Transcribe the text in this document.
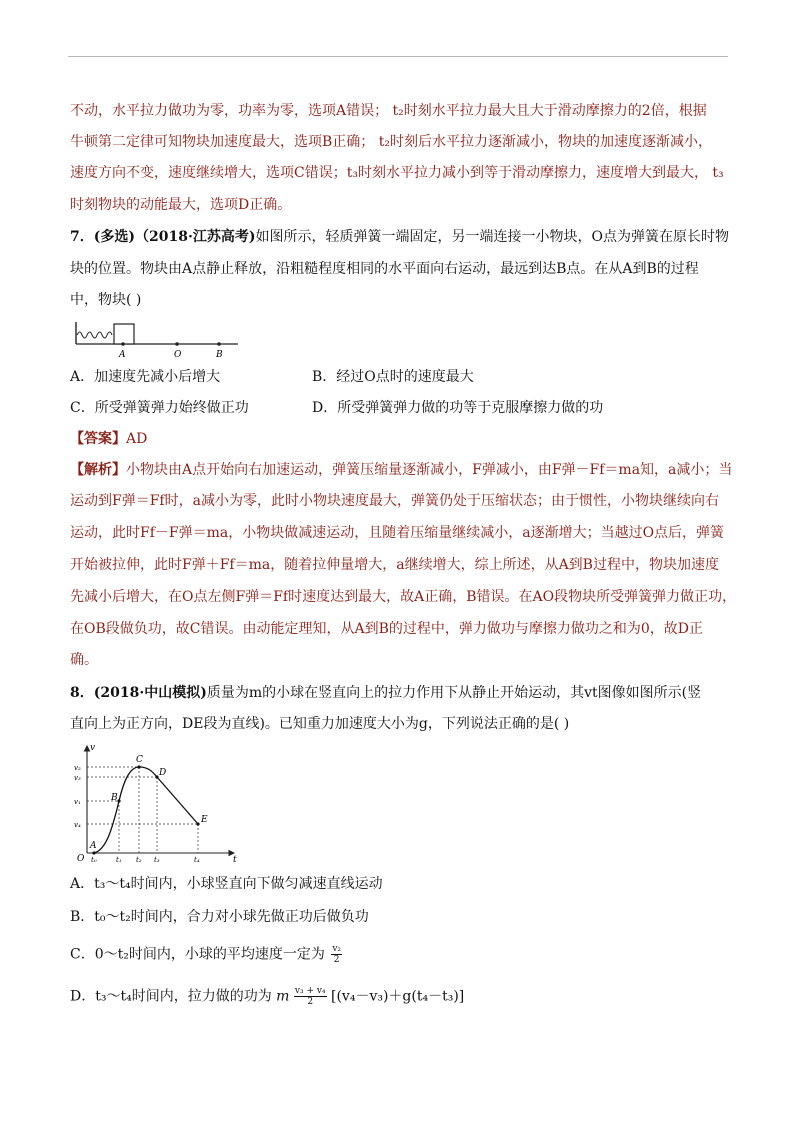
不动，水平拉力做功为零，功率为零，选项A错误； t₂时刻水平拉力最大且大于滑动摩擦力的2倍，根据
牛顿第二定律可知物块加速度最大，选项B正确； t₂时刻后水平拉力逐渐减小，物块的加速度逐渐减小，
速度方向不变，速度继续增大，选项C错误；t₃时刻水平拉力减小到等于滑动摩擦力，速度增大到最大， t₃
时刻物块的动能最大，选项D正确。
7．(多选)（2018·江苏高考)如图所示，轻质弹簧一端固定，另一端连接一小物块，O点为弹簧在原长时物
块的位置。物块由A点静止释放，沿粗糙程度相同的水平面向右运动，最远到达B点。在从A到B的过程
中，物块( )
A	O	B
A．加速度先减小后增大	B．经过O点时的速度最大
C．所受弹簧弹力始终做正功	D．所受弹簧弹力做的功等于克服摩擦力做的功
【答案】AD
【解析】小物块由A点开始向右加速运动，弹簧压缩量逐渐减小，F弹减小，由F弹－Ff＝ma知，a减小；当
运动到F弹＝Ff时，a减小为零，此时小物块速度最大，弹簧仍处于压缩状态；由于惯性，小物块继续向右
运动，此时Ff－F弹＝ma，小物块做减速运动，且随着压缩量继续减小，a逐渐增大；当越过O点后，弹簧
开始被拉伸，此时F弹＋Ff＝ma，随着拉伸量增大，a继续增大，综上所述，从A到B过程中，物块加速度
先减小后增大，在O点左侧F弹＝Ff时速度达到最大，故A正确，B错误。在AO段物块所受弹簧弹力做正功，
在OB段做负功，故C错误。由动能定理知，从A到B的过程中，弹力做功与摩擦力做功之和为0，故D正
确。
8．(2018·中山模拟)质量为m的小球在竖直向上的拉力作用下从静止开始运动，其vt图像如图所示(竖
直向上为正方向，DE段为直线)。已知重力加速度大小为g，下列说法正确的是( )
v
t
O
v₂
v₃
v₁
v₄
t₀	t₁ t₂ t₃	t₄
A
B
C
D
E
A．t₃～t₄时间内，小球竖直向下做匀减速直线运动
B．t₀～t₂时间内，合力对小球先做正功后做负功
C．0～t₂时间内，小球的平均速度一定为 $\frac{\text{v₂}}{2}$
D．t₃～t₄时间内，拉力做的功为 m $\frac{\text{v₃ + v₄}}{2} [(v_4-v_3)+g(t_4-t_3)]$
